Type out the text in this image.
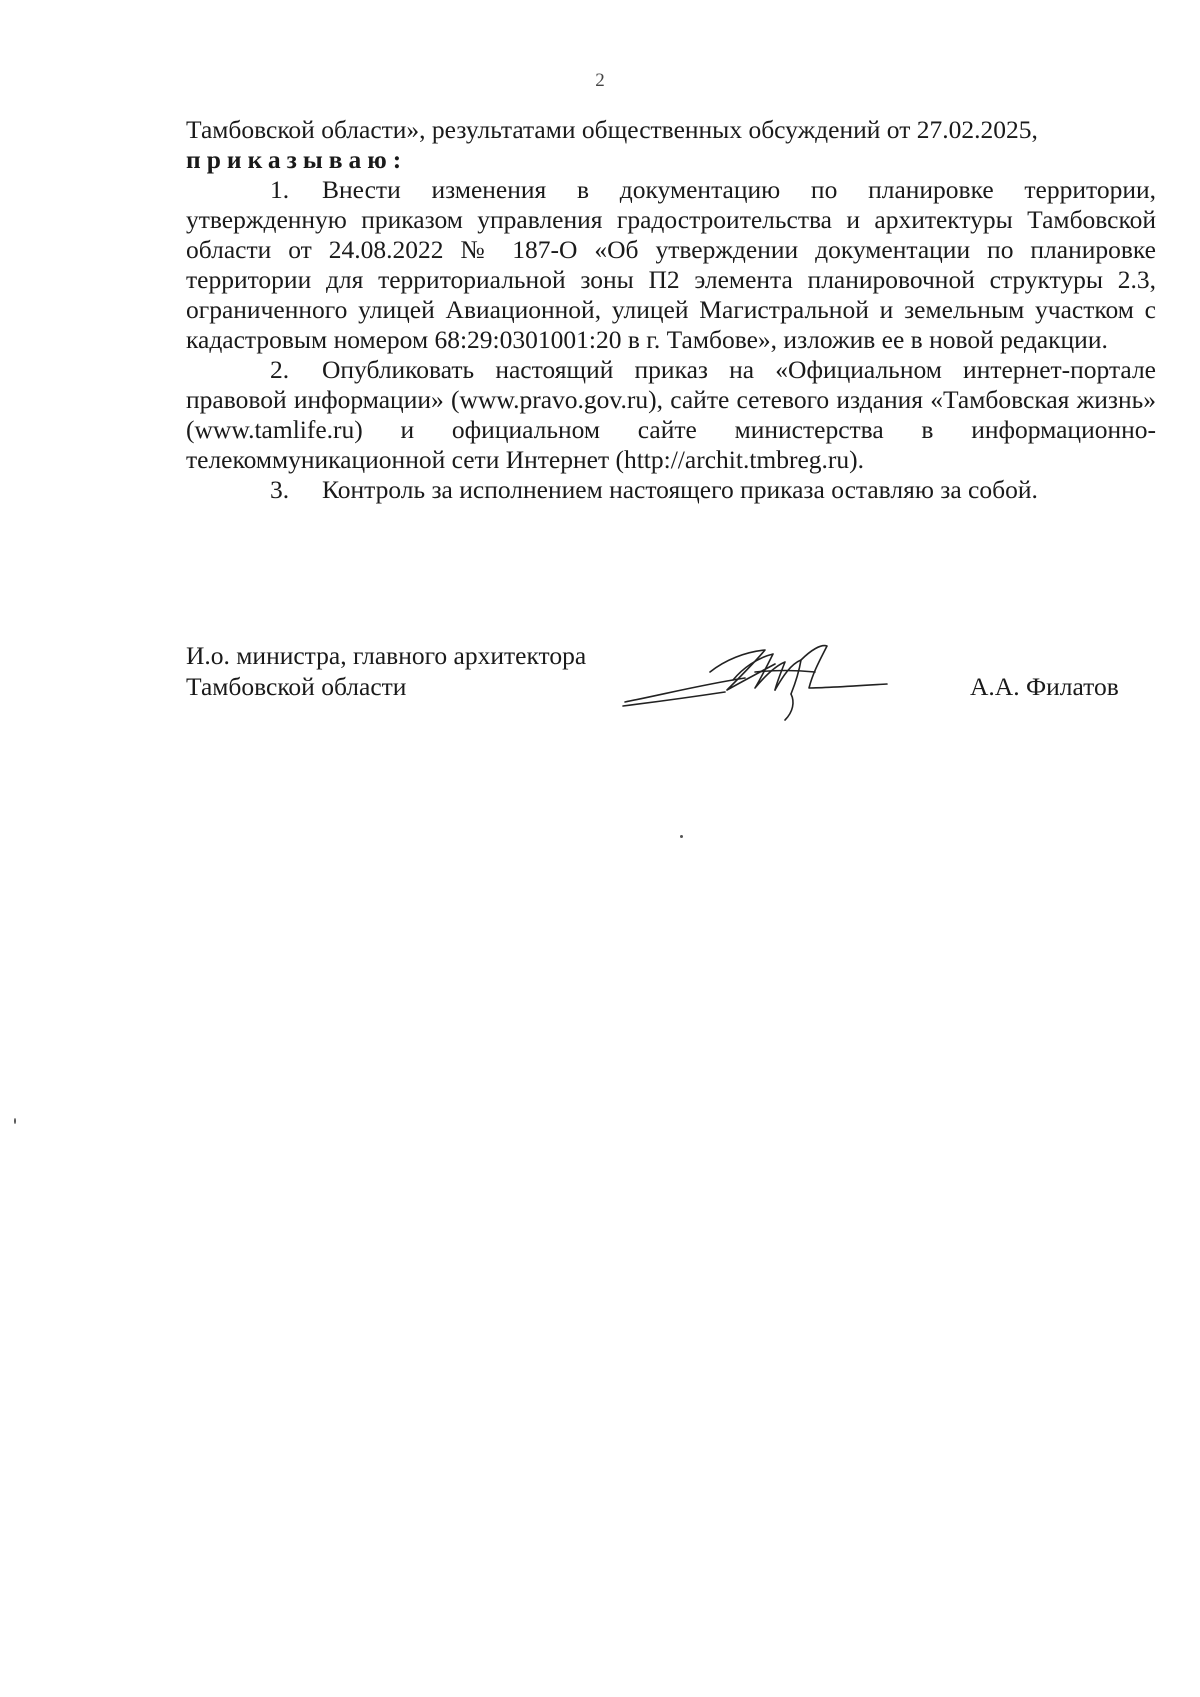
2

Тамбовской области», результатами общественных обсуждений от 27.02.2025,

приказываю:

1. Внести изменения в документацию по планировке территории, утвержденную приказом управления градостроительства и архитектуры Тамбовской области от 24.08.2022 № 187-О «Об утверждении документации по планировке территории для территориальной зоны П2 элемента планировочной структуры 2.3, ограниченного улицей Авиационной, улицей Магистральной и земельным участком с кадастровым номером 68:29:0301001:20 в г. Тамбове», изложив ее в новой редакции.

2. Опубликовать настоящий приказ на «Официальном интернет-портале правовой информации» (www.pravo.gov.ru), сайте сетевого издания «Тамбовская жизнь» (www.tamlife.ru) и официальном сайте министерства в информационно-телекоммуникационной сети Интернет (http://archit.tmbreg.ru).

3. Контроль за исполнением настоящего приказа оставляю за собой.

И.о. министра, главного архитектора
Тамбовской области	А.А. Филатов
